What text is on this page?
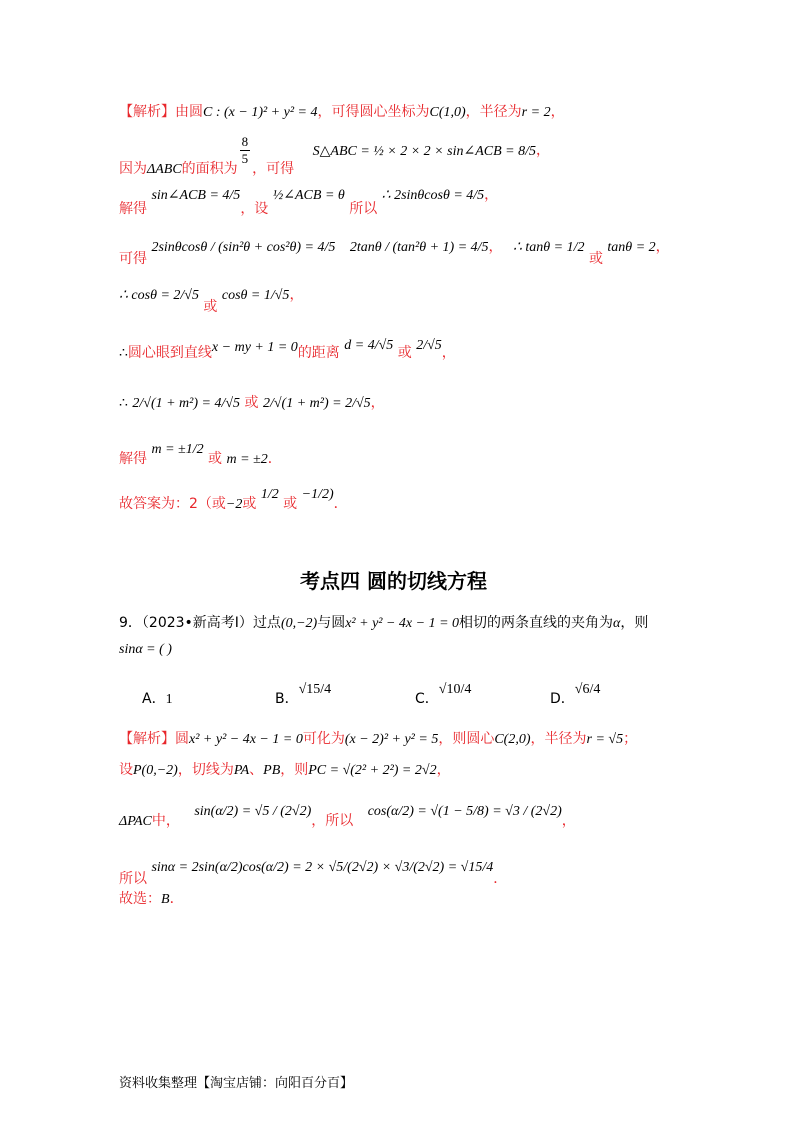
【解析】由圆C : (x − 1)² + y² = 4，可得圆心坐标为C(1,0)，半径为r = 2，
因为ΔABC的面积为
$\frac{8}{5}$
，可得 S△ABC = ½ × 2 × 2 × sin∠ACB = 8/5，
解得 sin∠ACB = 4/5，设 ½∠ACB = θ 所以 ∴ 2sinθcosθ = 4/5，
可得 2sinθcosθ / (sin²θ + cos²θ) = 4/5 2tanθ / (tan²θ + 1) = 4/5， ∴ tanθ = 1/2 或 tanθ = 2，
∴ cosθ = 2/√5 或 cosθ = 1/√5，
∴圆心眼到直线x − my + 1 = 0的距离 d = 4/√5 或 2/√5，
∴ 2/√(1 + m²) = 4/√5 或 2/√(1 + m²) = 2/√5，
解得 m = ±1/2 或 m = ±2．
故答案为：2（或−2或 1/2 或 −1/2)．
考点四 圆的切线方程
9．（2023•新高考Ⅰ）过点(0,−2)与圆x² + y² − 4x − 1 = 0相切的两条直线的夹角为α，则
sinα = ( )
A．1	B．√15/4
C．√10/4
D．√6/4
【解析】圆x² + y² − 4x − 1 = 0可化为(x − 2)² + y² = 5，则圆心C(2,0)，半径为r = √5；
设P(0,−2)，切线为PA、PB，则PC = √(2² + 2²) = 2√2，
ΔPAC中， sin(α/2) = √5 / (2√2)，所以 cos(α/2) = √(1 − 5/8) = √3 / (2√2)，
所以 sinα = 2sin(α/2)cos(α/2) = 2 × √5/(2√2) × √3/(2√2) = √15/4．
故选：B．
资料收集整理【淘宝店铺：向阳百分百】
